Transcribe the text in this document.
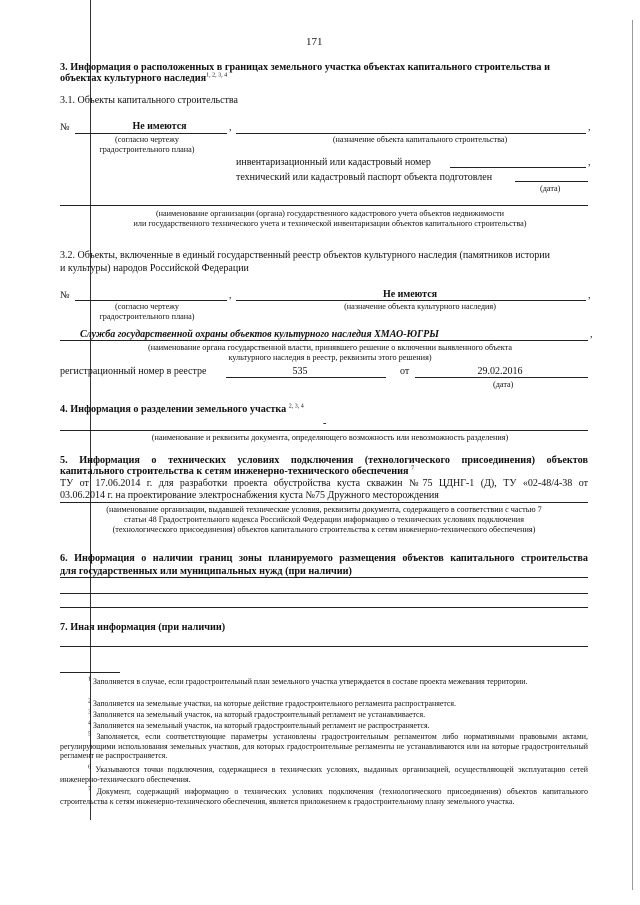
171
3. Информация о расположенных в границах земельного участка объектах капитального строительства и
объектах культурного наследия$^{1, 2, 3, 4}$
3.1. Объекты капитального строительства
№	Не имеются	,	,
(согласно чертежу
градостроительного плана)
(назначение объекта капитального строительства)
инвентаризационный или кадастровый номер	,
технический или кадастровый паспорт объекта подготовлен
(дата)
(наименование организации (органа) государственного кадастрового учета объектов недвижимости
или государственного технического учета и технической инвентаризации объектов капитального строительства)
3.2. Объекты, включенные в единый государственный реестр объектов культурного наследия (памятников истории
и культуры) народов Российской Федерации
№	,	Не имеются	,
(согласно чертежу
градостроительного плана)
(назначение объекта культурного наследия)
Служба государственной охраны объектов культурного наследия ХМАО-ЮГРЫ	,
(наименование органа государственной власти, принявшего решение о включении выявленного объекта
культурного наследия в реестр, реквизиты этого решения)
регистрационный номер в реестре	535	от	29.02.2016
(дата)
4. Информация о разделении земельного участка $^{2, 3, 4}$
-
(наименование и реквизиты документа, определяющего возможность или невозможность разделения)
5. Информация о технических условиях подключения (технологического присоединения) объектов
капитального строительства к сетям инженерно-технического обеспечения $^7$
ТУ от 17.06.2014 г. для разработки проекта обустройства куста скважин №75 ЦДНГ-1 (Д), ТУ «02-48/4-38 от
03.06.2014 г. на проектирование электроснабжения куста №75 Дружного месторождения
(наименование организации, выдавшей технические условия, реквизиты документа, содержащего в соответствии с частью 7
статьи 48 Градостроительного кодекса Российской Федерации информацию о технических условиях подключения
(технологического присоединения) объектов капитального строительства к сетям инженерно-технического обеспечения)
6. Информация о наличии границ зоны планируемого размещения объектов капитального строительства
для государственных или муниципальных нужд (при наличии)
7. Иная информация (при наличии)
$^1$ Заполняется в случае, если градостроительный план земельного участка утверждается в составе проекта межевания территории.
$^2$ Заполняется на земельные участки, на которые действие градостроительного регламента распространяется.
$^3$ Заполняется на земельный участок, на который градостроительный регламент не устанавливается.
$^4$ Заполняется на земельный участок, на который градостроительный регламент не распространяется.
$^5$ Заполняется, если соответствующие параметры установлены градостроительным регламентом либо нормативными правовыми актами, регулирующими использования земельных участков, для которых градостроительные регламенты не устанавливаются или на которые градостроительный регламент не распространяется.
$^6$ Указываются точки подключения, содержащиеся в технических условиях, выданных организацией, осуществляющей эксплуатацию сетей инженерно-технического обеспечения.
$^7$ Документ, содержащий информацию о технических условиях подключения (технологического присоединения) объектов капитального строительства к сетям инженерно-технического обеспечения, является приложением к градостроительному плану земельного участка.
